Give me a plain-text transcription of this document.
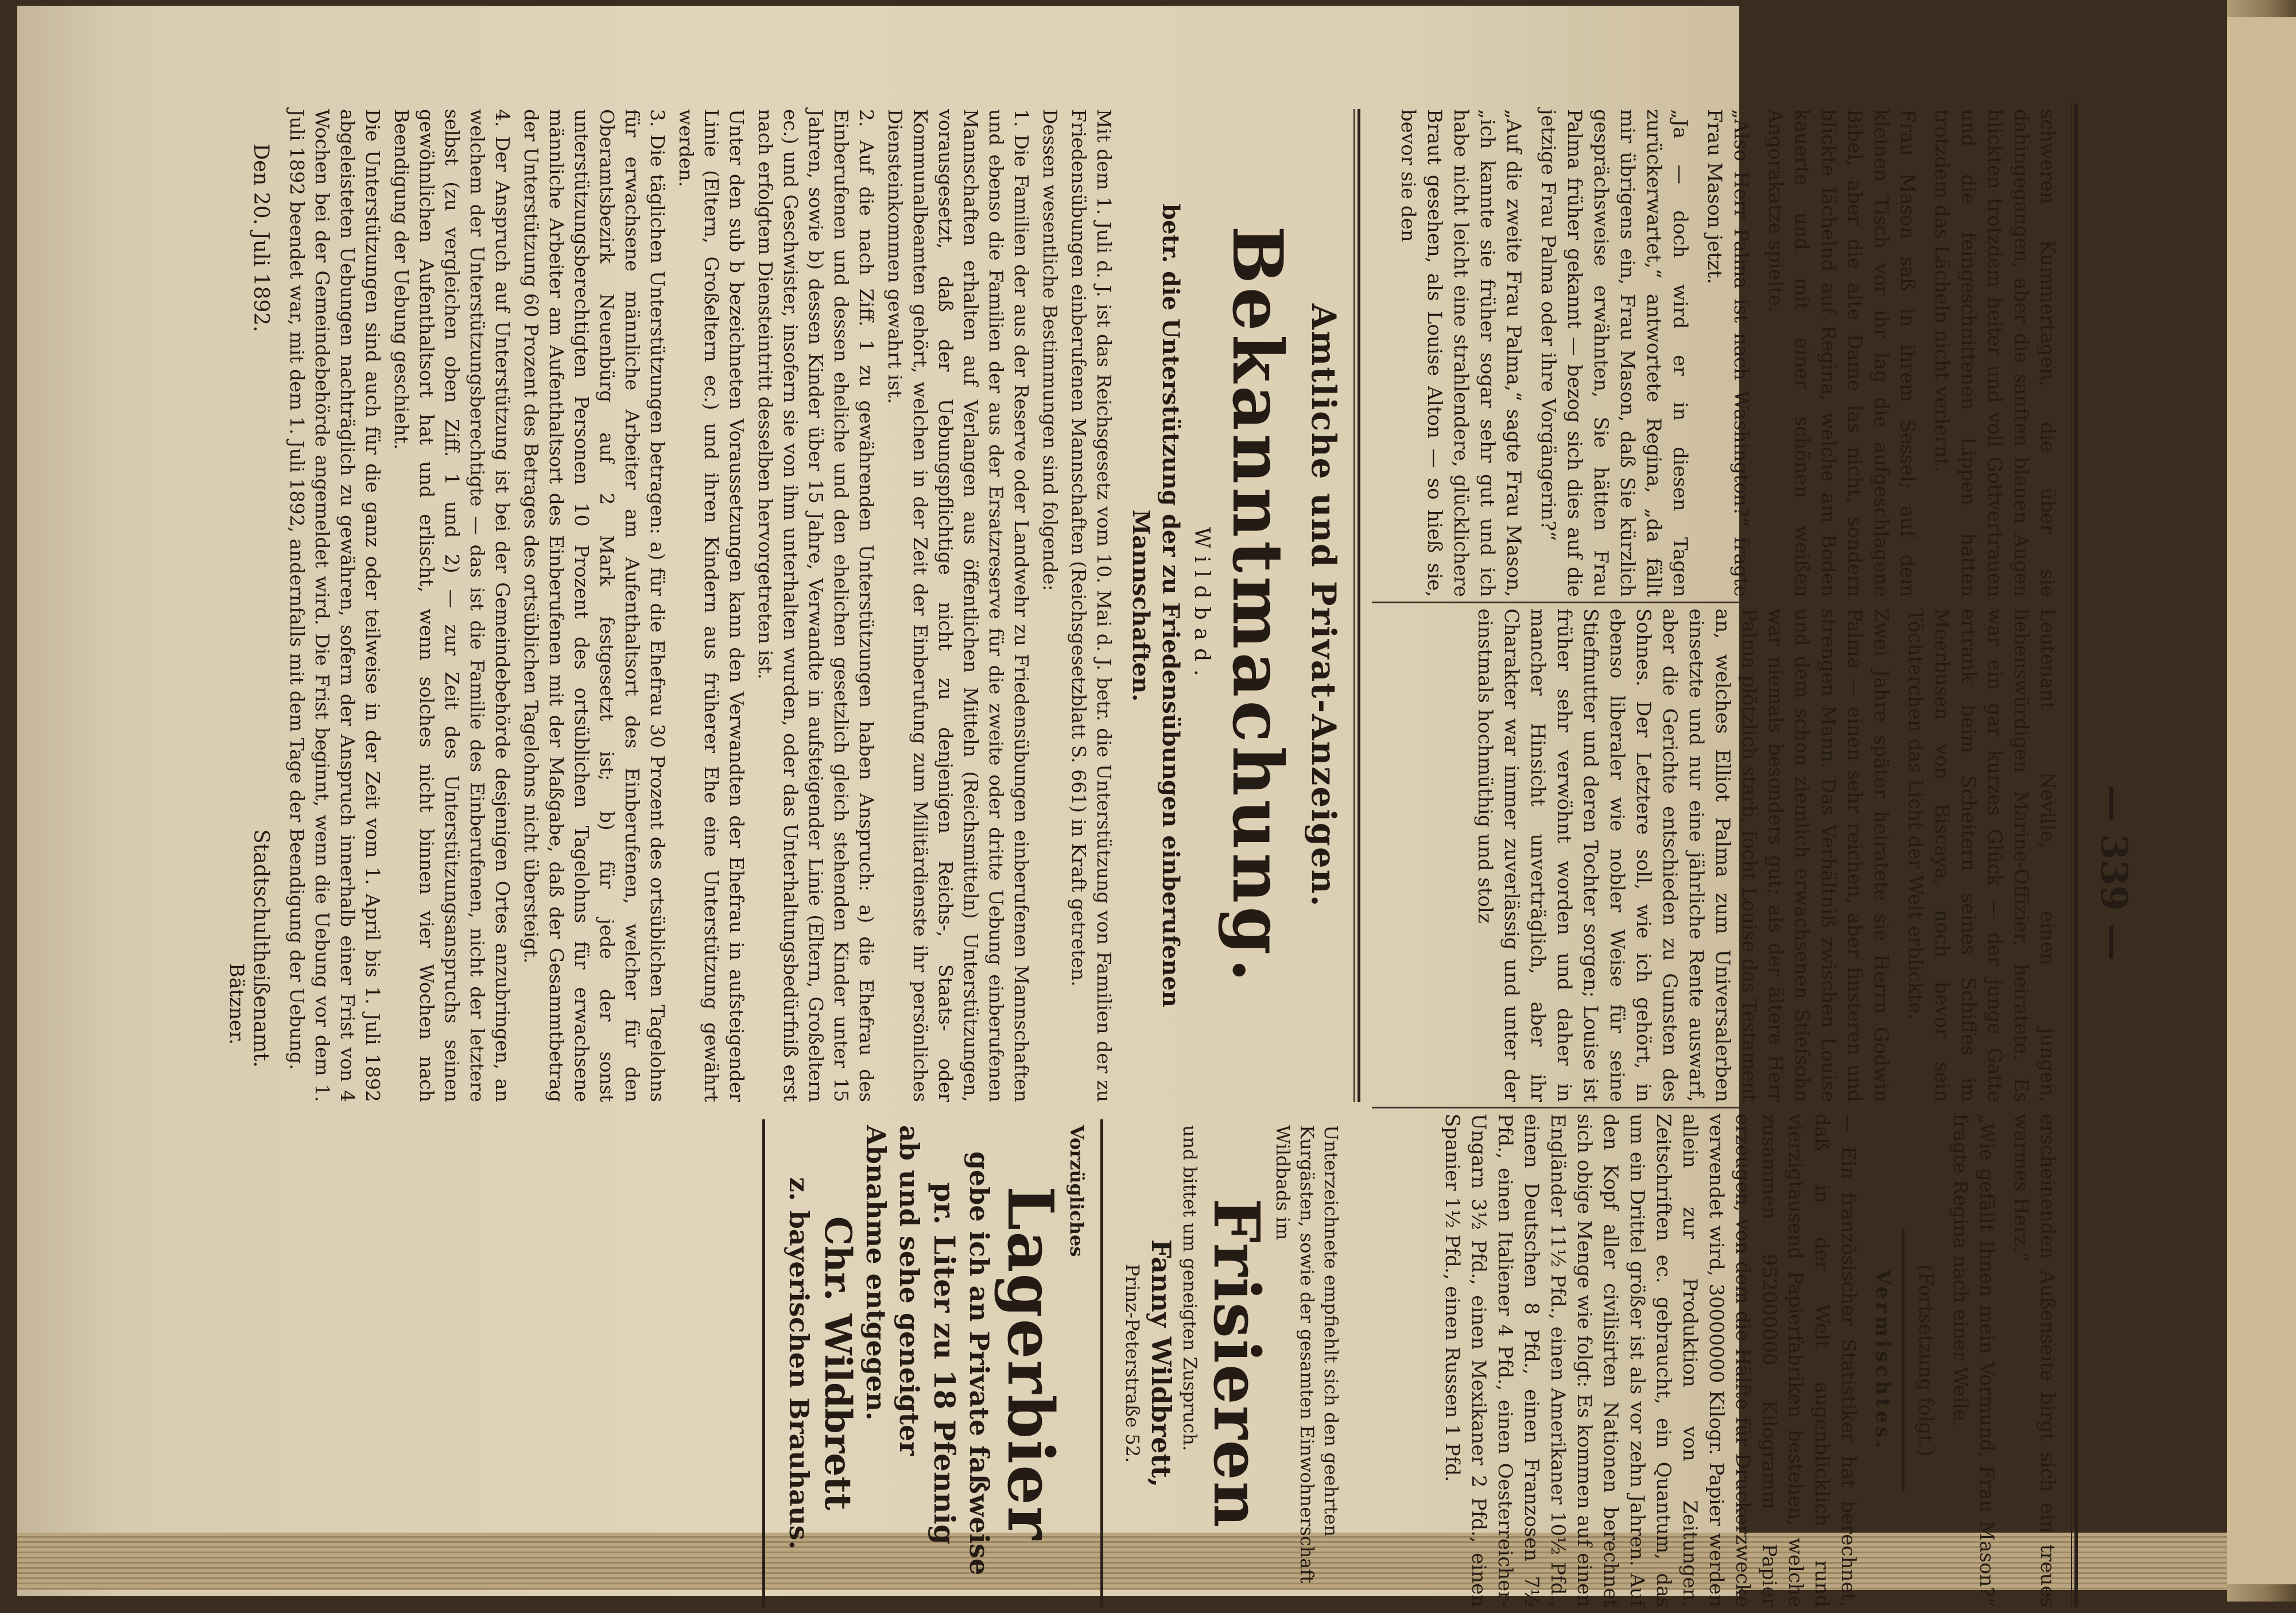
— 339 —

schweren Kummertagen, die über sie dahingegangen, aber die sanften blauen Augen blickten trotzdem heiter und voll Gottvertrauen und die feingeschnittenen Lippen hatten trotzdem das Lächeln nicht verlernt.

Frau Mason saß in ihrem Sessel; auf dem kleinen Tisch vor ihr lag die aufgeschlagene Bibel, aber die alte Dame las nicht, sondern blickte lächelnd auf Regina, welche am Boden kauerte und mit einer schönen weißen Angorakatze spielte.

„Also Herr Palma ist nach Washington?“ fragte Frau Mason jetzt.

„Ja — doch wird er in diesen Tagen zurückerwartet,“ antwortete Regina, „da fällt mir übrigens ein, Frau Mason, daß Sie kürzlich gesprächsweise erwähnten, Sie hätten Frau Palma früher gekannt — bezog sich dies auf die jetzige Frau Palma oder ihre Vorgängerin?“

„Auf die zweite Frau Palma,“ sagte Frau Mason, „ich kannte sie früher sogar sehr gut und ich habe nicht leicht eine strahlendere, glücklichere Braut gesehen, als Louise Alton — so hieß sie, bevor sie den

Leutenant Neville, einen jungen, liebenswürdigen Marine-Offizier, heiratete. Es war ein gar kurzes Glück — der junge Gatte ertrank beim Scheitern seines Schiffes im Meerbusen von Biscaya, noch bevor sein Töchterchen das Licht der Welt erblickte.

Zwei Jahre später heiratete sie Herrn Godwin Palma — einen sehr reichen, aber finsteren und strengen Mann. Das Verhältniß zwischen Louise und dem schon ziemlich erwachsenen Stiefsohn war niemals besonders gut; als der ältere Herr Palma plötzlich starb, focht Louise das Testament an, welches Elliot Palma zum Universalerben einsetzte und nur eine jährliche Rente auswarf, aber die Gerichte entschieden zu Gunsten des Sohnes. Der Letztere soll, wie ich gehört, in ebenso liberaler wie nobler Weise für seine Stiefmutter und deren Tochter sorgen; Louise ist früher sehr verwöhnt worden und daher in mancher Hinsicht unverträglich, aber ihr Charakter war immer zuverlässig und unter der einstmals hochmüthig und stolz

erscheinenden Außenseite birgt sich ein treues warmes Herz.“

„Wie gefällt Ihnen mein Vormund, Frau Mason?“ fragte Regina nach einer Weile.

(Fortsetzung folgt.)

Vermischtes.

— Ein französischer Statistiker hat berechnet, daß in der Welt augenblicklich rund vierzigtausend Papierfabriken bestehen, welche zusammen 952000000 Kilogramm Papier erzeugen, von dem die Hälfte für Druckerzwecke verwendet wird, 30000000 Kilogr. Papier werden allein zur Produktion von Zeitungen, Zeitschriften ec. gebraucht, ein Quantum, das um ein Drittel größer ist als vor zehn Jahren. Auf den Kopf aller civilisirten Nationen berechnet sich obige Menge wie folgt: Es kommen auf einen Engländer 11½ Pfd., einen Amerikaner 10½ Pfd., einen Deutschen 8 Pfd., einen Franzosen 7½ Pfd., einen Italiener 4 Pfd., einen Oesterreicher-Ungarn 3½ Pfd., einen Mexikaner 2 Pfd., einen Spanier 1½ Pfd., einen Russen 1 Pfd.

Amtliche und Privat-Anzeigen.
Bekanntmachung.
Wildbad.
betr. die Unterstützung der zu Friedensübungen einberufenen Mannschaften.

Mit dem 1. Juli d. J. ist das Reichsgesetz vom 10. Mai d. J. betr. die Unterstützung von Familien der zu Friedensübungen einberufenen Mannschaften (Reichsgesetzblatt S. 661) in Kraft getreten.

Dessen wesentliche Bestimmungen sind folgende:

1. Die Familien der aus der Reserve oder Landwehr zu Friedensübungen einberufenen Mannschaften und ebenso die Familien der aus der Ersatzreserve für die zweite oder dritte Uebung einberufenen Mannschaften erhalten auf Verlangen aus öffentlichen Mitteln (Reichsmitteln) Unterstützungen, vorausgesetzt, daß der Uebungspflichtige nicht zu denjenigen Reichs-, Staats- oder Kommunalbeamten gehört, welchen in der Zeit der Einberufung zum Militärdienste ihr persönliches Diensteinkommen gewahrt ist.

2. Auf die nach Ziff. 1 zu gewährenden Unterstützungen haben Anspruch: a) die Ehefrau des Einberufenen und dessen eheliche und den ehelichen gesetzlich gleich stehenden Kinder unter 15 Jahren, sowie b) dessen Kinder über 15 Jahre, Verwandte in aufsteigender Linie (Eltern, Großeltern ec.) und Geschwister, insofern sie von ihm unterhalten wurden, oder das Unterhaltungsbedürfniß erst nach erfolgtem Diensteintritt desselben hervorgetreten ist.

Unter den sub b bezeichneten Voraussetzungen kann den Verwandten der Ehefrau in aufsteigender Linie (Eltern, Großeltern ec.) und ihren Kindern aus früherer Ehe eine Unterstützung gewährt werden.

3. Die täglichen Unterstützungen betragen: a) für die Ehefrau 30 Prozent des ortsüblichen Tagelohns für erwachsene männliche Arbeiter am Aufenthaltsort des Einberufenen, welcher für den Oberamtsbezirk Neuenbürg auf 2 Mark festgesetzt ist; b) für jede der sonst unterstützungsberechtigten Personen 10 Prozent des ortsüblichen Tagelohns für erwachsene männliche Arbeiter am Aufenthaltsort des Einberufenen mit der Maßgabe, daß der Gesammtbetrag der Unterstützung 60 Prozent des Betrages des ortsüblichen Tagelohns nicht übersteigt.

4. Der Anspruch auf Unterstützung ist bei der Gemeindebehörde desjenigen Ortes anzubringen, an welchem der Unterstützungsberechtigte — das ist die Familie des Einberufenen, nicht der letztere selbst (zu vergleichen oben Ziff. 1 und 2) — zur Zeit des Unterstützungsanspruchs seinen gewöhnlichen Aufenthaltsort hat und erlischt, wenn solches nicht binnen vier Wochen nach Beendigung der Uebung geschieht.

Die Unterstützungen sind auch für die ganz oder teilweise in der Zeit vom 1. April bis 1. Juli 1892 abgeleisteten Uebungen nachträglich zu gewähren, sofern der Anspruch innerhalb einer Frist von 4 Wochen bei der Gemeindebehörde angemeldet wird. Die Frist beginnt, wenn die Uebung vor dem 1. Juli 1892 beendet war, mit dem 1. Juli 1892, andernfalls mit dem Tage der Beendigung der Uebung.

Den 20. Juli 1892.
Stadtschultheißenamt.
Bätzner.
Unterzeichnete empfiehlt sich den geehrten Kurgästen, sowie der gesamten Einwohnerschaft Wildbads im
Frisieren
und bittet um geneigten Zuspruch.
Fanny Wildbrett,
Prinz-Peterstraße 52.
Vorzügliches
Lagerbier
gebe ich an Private faßweise
pr. Liter zu 18 Pfennig
ab und sehe geneigter Abnahme entgegen.
Chr. Wildbrett
z. bayerischen Brauhaus.
